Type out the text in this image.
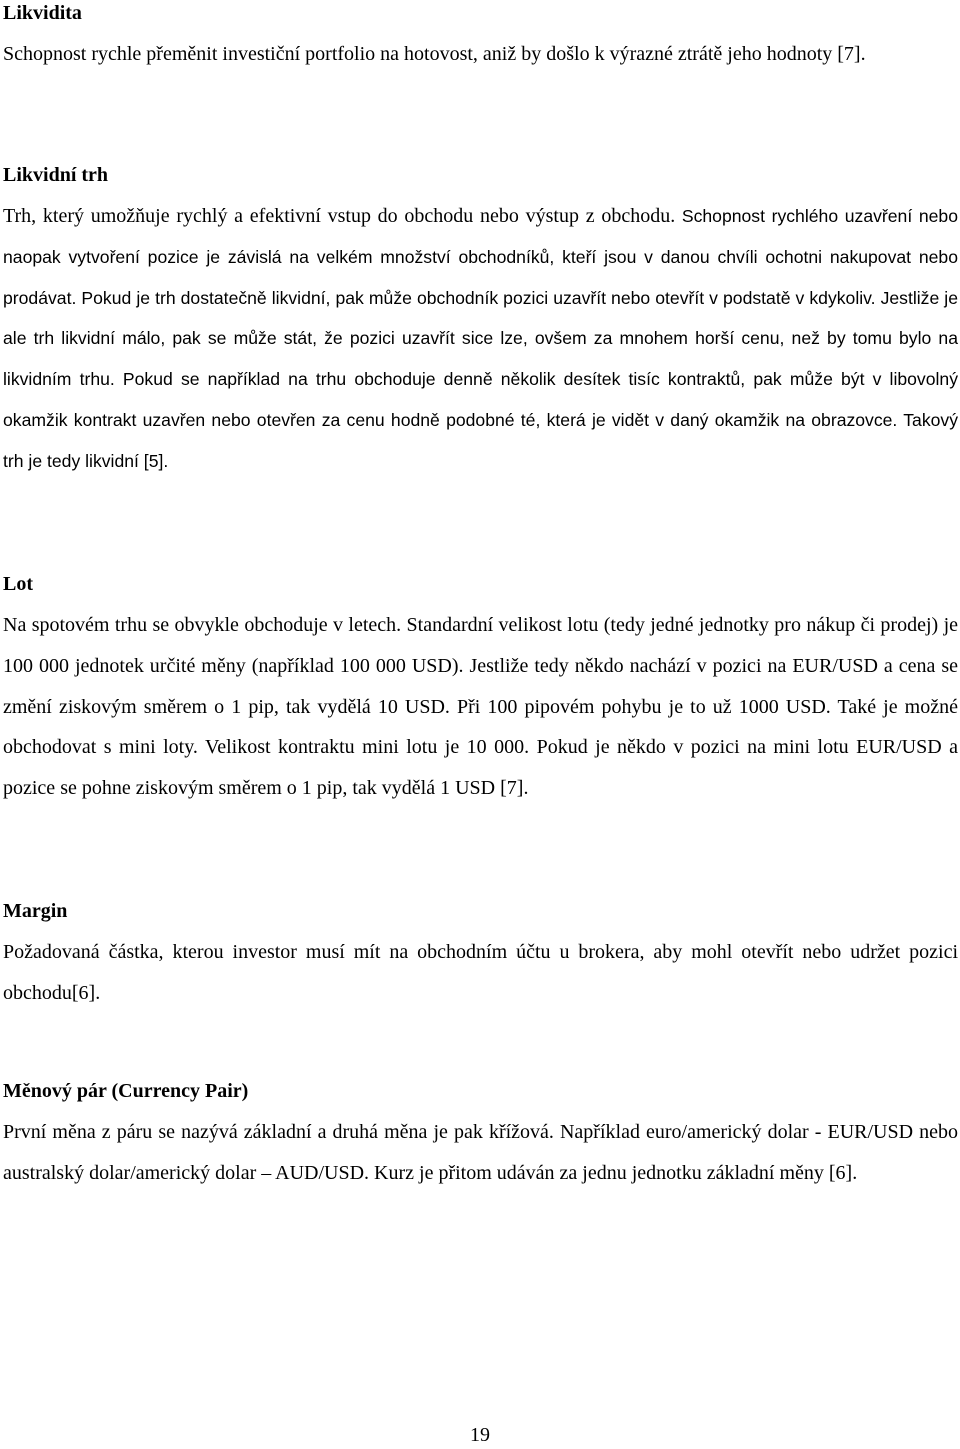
Likvidita

Schopnost rychle přeměnit investiční portfolio na hotovost, aniž by došlo k výrazné ztrátě jeho hodnoty [7].

Likvidní trh

Trh, který umožňuje rychlý a efektivní vstup do obchodu nebo výstup z obchodu. Schopnost rychlého uzavření nebo naopak vytvoření pozice je závislá na velkém množství obchodníků, kteří jsou v danou chvíli ochotni nakupovat nebo prodávat. Pokud je trh dostatečně likvidní, pak může obchodník pozici uzavřít nebo otevřít v podstatě v kdykoliv. Jestliže je ale trh likvidní málo, pak se může stát, že pozici uzavřít sice lze, ovšem za mnohem horší cenu, než by tomu bylo na likvidním trhu. Pokud se například na trhu obchoduje denně několik desítek tisíc kontraktů, pak může být v libovolný okamžik kontrakt uzavřen nebo otevřen za cenu hodně podobné té, která je vidět v daný okamžik na obrazovce. Takový trh je tedy likvidní [5].

Lot

Na spotovém trhu se obvykle obchoduje v letech. Standardní velikost lotu (tedy jedné jednotky pro nákup či prodej) je 100 000 jednotek určité měny (například 100 000 USD). Jestliže tedy někdo nachází v pozici na EUR/USD a cena se změní ziskovým směrem o 1 pip, tak vydělá 10 USD. Při 100 pipovém pohybu je to už 1000 USD. Také je možné obchodovat s mini loty. Velikost kontraktu mini lotu je 10 000. Pokud je někdo v pozici na mini lotu EUR/USD a pozice se pohne ziskovým směrem o 1 pip, tak vydělá 1 USD [7].

Margin

Požadovaná částka, kterou investor musí mít na obchodním účtu u brokera, aby mohl otevřít nebo udržet pozici obchodu[6].

Měnový pár (Currency Pair)

První měna z páru se nazývá základní a druhá měna je pak křížová. Například euro/americký dolar - EUR/USD nebo australský dolar/americký dolar – AUD/USD. Kurz je přitom udáván za jednu jednotku základní měny [6].

19
